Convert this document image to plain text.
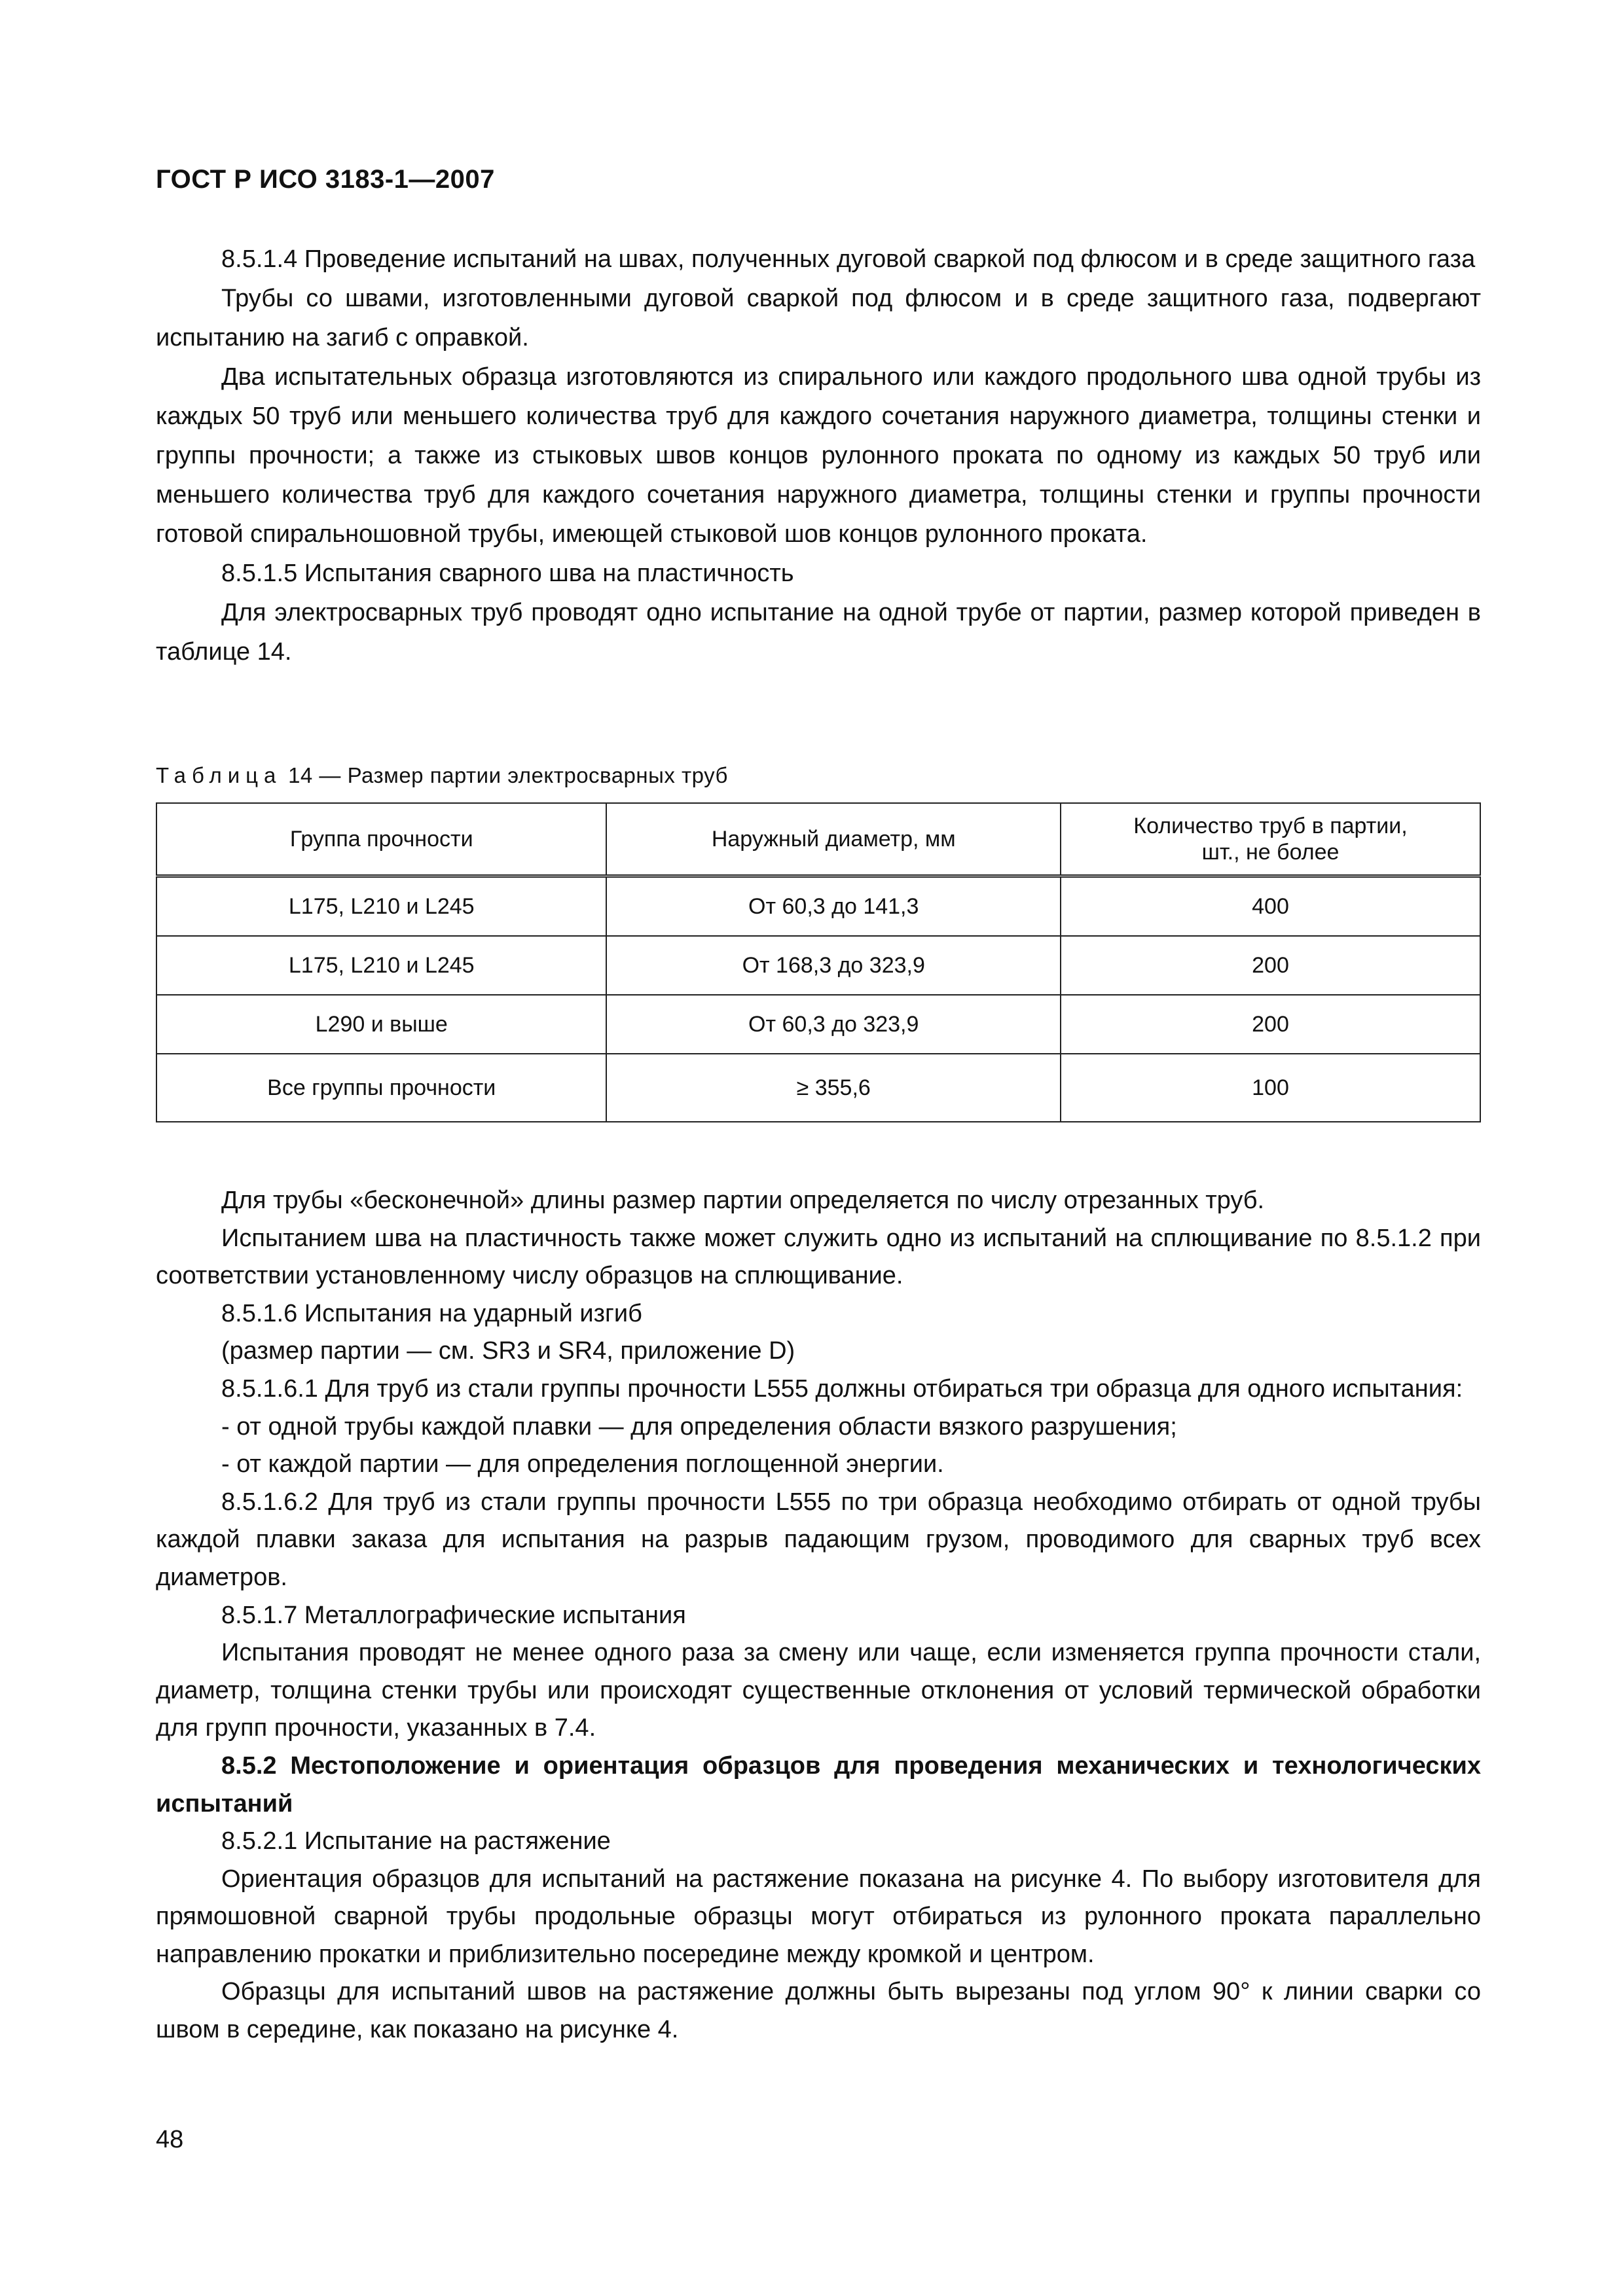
ГОСТ Р ИСО 3183-1—2007

8.5.1.4 Проведение испытаний на швах, полученных дуговой сваркой под флюсом и в среде защитного газа

Трубы со швами, изготовленными дуговой сваркой под флюсом и в среде защитного газа, подвергают испытанию на загиб с оправкой.

Два испытательных образца изготовляются из спирального или каждого продольного шва одной трубы из каждых 50 труб или меньшего количества труб для каждого сочетания наружного диаметра, толщины стенки и группы прочности; а также из стыковых швов концов рулонного проката по одному из каждых 50 труб или меньшего количества труб для каждого сочетания наружного диаметра, толщины стенки и группы прочности готовой спиральношовной трубы, имеющей стыковой шов концов рулонного проката.

8.5.1.5 Испытания сварного шва на пластичность

Для электросварных труб проводят одно испытание на одной трубе от партии, размер которой приведен в таблице 14.

Таблица 14 — Размер партии электросварных труб
Группа прочности	Наружный диаметр, мм	Количество труб в партии, шт., не более

L175, L210 и L245	От 60,3 до 141,3	400
L175, L210 и L245	От 168,3 до 323,9	200
L290 и выше	От 60,3 до 323,9	200
Все группы прочности	≥ 355,6	100

Для трубы «бесконечной» длины размер партии определяется по числу отрезанных труб.

Испытанием шва на пластичность также может служить одно из испытаний на сплющивание по 8.5.1.2 при соответствии установленному числу образцов на сплющивание.

8.5.1.6 Испытания на ударный изгиб

(размер партии — см. SR3 и SR4, приложение D)

8.5.1.6.1 Для труб из стали группы прочности L555 должны отбираться три образца для одного испытания:

- от одной трубы каждой плавки — для определения области вязкого разрушения;

- от каждой партии — для определения поглощенной энергии.

8.5.1.6.2 Для труб из стали группы прочности L555 по три образца необходимо отбирать от одной трубы каждой плавки заказа для испытания на разрыв падающим грузом, проводимого для сварных труб всех диаметров.

8.5.1.7 Металлографические испытания

Испытания проводят не менее одного раза за смену или чаще, если изменяется группа прочности стали, диаметр, толщина стенки трубы или происходят существенные отклонения от условий термической обработки для групп прочности, указанных в 7.4.

8.5.2 Местоположение и ориентация образцов для проведения механических и технологических испытаний

8.5.2.1 Испытание на растяжение

Ориентация образцов для испытаний на растяжение показана на рисунке 4. По выбору изготовителя для прямошовной сварной трубы продольные образцы могут отбираться из рулонного проката параллельно направлению прокатки и приблизительно посередине между кромкой и центром.

Образцы для испытаний швов на растяжение должны быть вырезаны под углом 90° к линии сварки со швом в середине, как показано на рисунке 4.

48
